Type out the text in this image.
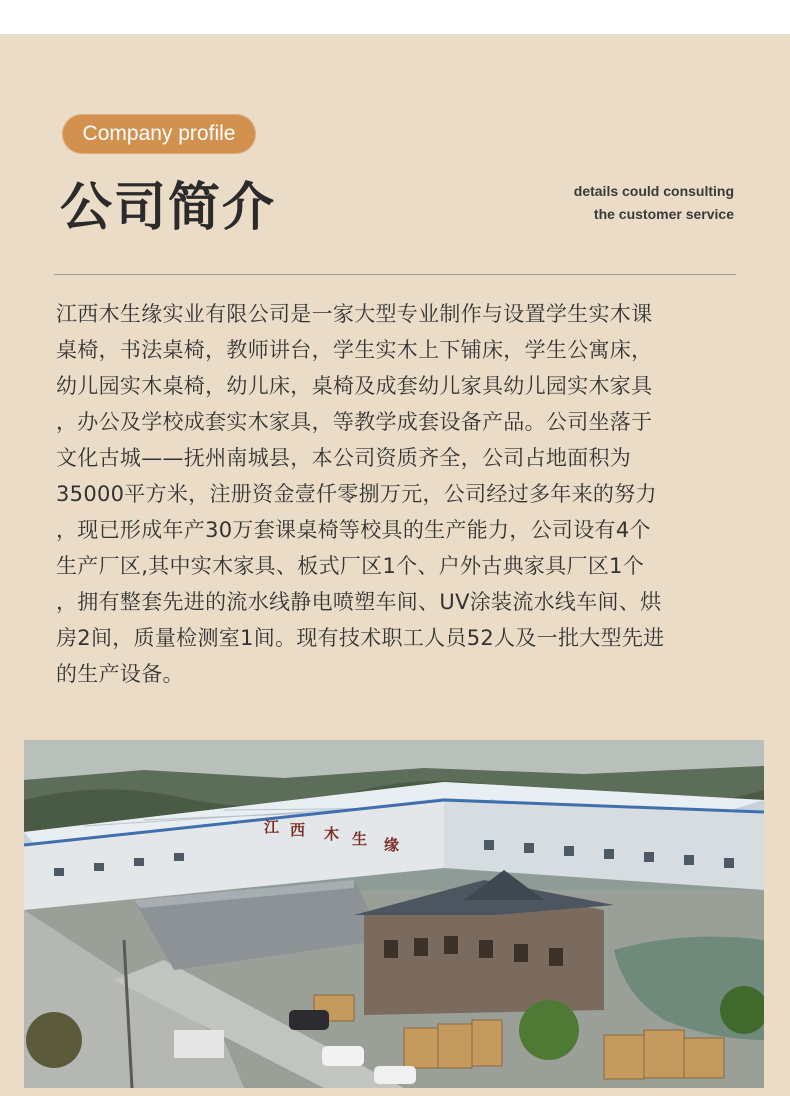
Company profile
公司简介	details could consulting
the customer service
江西木生缘实业有限公司是一家大型专业制作与设置学生实木课
桌椅，书法桌椅，教师讲台，学生实木上下铺床，学生公寓床，
幼儿园实木桌椅，幼儿床，桌椅及成套幼儿家具幼儿园实木家具
，办公及学校成套实木家具，等教学成套设备产品。公司坐落于
文化古城——抚州南城县，本公司资质齐全，公司占地面积为
35000平方米，注册资金壹仟零捌万元，公司经过多年来的努力
，现已形成年产30万套课桌椅等校具的生产能力，公司设有4个
生产厂区,其中实木家具、板式厂区1个、户外古典家具厂区1个
，拥有整套先进的流水线静电喷塑车间、UV涂装流水线车间、烘
房2间，质量检测室1间。现有技术职工人员52人及一批大型先进
的生产设备。
江 西 木 生 缘
